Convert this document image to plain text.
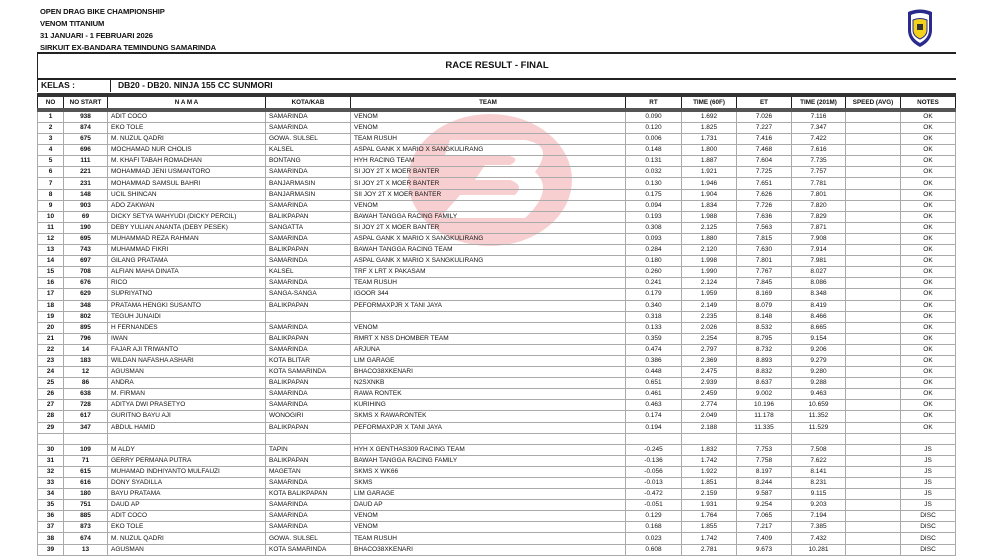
OPEN DRAG BIKE CHAMPIONSHIP
VENOM TITANIUM
31 JANUARI - 1 FEBRUARI 2026
SIRKUIT EX-BANDARA TEMINDUNG SAMARINDA
RACE RESULT - FINAL
KELAS :	DB20 - DB20. NINJA 155 CC SUNMORI
NO	NO START	N A M A	KOTA/KAB	TEAM	RT	TIME (60F)	ET	TIME (201M)	SPEED (AVG)	NOTES
1	938	ADIT COCO	SAMARINDA	VENOM	0.090	1.692	7.026	7.116		OK
2	874	EKO TOLE	SAMARINDA	VENOM	0.120	1.825	7.227	7.347		OK
3	675	M. NUZUL QADRI	GOWA. SULSEL	TEAM RUSUH	0.006	1.731	7.416	7.422		OK
4	696	MOCHAMAD NUR CHOLIS	KALSEL	ASPAL GANK X MARIO X SANGKULIRANG	0.148	1.800	7.468	7.616		OK
5	111	M. KHAFI TABAH ROMADHAN	BONTANG	HYH RACING TEAM	0.131	1.887	7.604	7.735		OK
6	221	MOHAMMAD JENI USMANTORO	SAMARINDA	SI JOY 2T X MOER BANTER	0.032	1.921	7.725	7.757		OK
7	231	MOHAMMAD SAMSUL BAHRI	BANJARMASIN	SI JOY 2T X MOER BANTER	0.130	1.946	7.651	7.781		OK
8	148	UCIL SHINCAN	BANJARMASIN	SII JOY 2T X MOER BANTER	0.175	1.904	7.626	7.801		OK
9	903	ADO ZAKWAN	SAMARINDA	VENOM	0.094	1.834	7.726	7.820		OK
10	69	DICKY SETYA WAHYUDI (DICKY PERCIL)	BALIKPAPAN	BAWAH TANGGA RACING FAMILY	0.193	1.988	7.636	7.829		OK
11	190	DEBY YULIAN ANANTA (DEBY PESEK)	SANGATTA	SI JOY 2T X MOER BANTER	0.308	2.125	7.563	7.871		OK
12	695	MUHAMMAD REZA RAHMAN	SAMARINDA	ASPAL GANK X MARIO X SANGKULIRANG	0.093	1.880	7.815	7.908		OK
13	743	MUHAMMAD FIKRI	BALIKPAPAN	BAWAH TANGGA RACING TEAM	0.284	2.120	7.630	7.914		OK
14	697	GILANG PRATAMA	SAMARINDA	ASPAL GANK X MARIO X SANGKULIRANG	0.180	1.998	7.801	7.981		OK
15	708	ALFIAN MAHA DINATA	KALSEL	TRF X LRT X PAKASAM	0.260	1.990	7.767	8.027		OK
16	676	RICO	SAMARINDA	TEAM RUSUH	0.241	2.124	7.845	8.086		OK
17	629	SUPRIYATNO	SANGA-SANGA	IGOOR 344	0.179	1.959	8.169	8.348		OK
18	348	PRATAMA HENGKI SUSANTO	BALIKPAPAN	PEFORMAXPJR X TANI JAYA	0.340	2.149	8.079	8.419		OK
19	802	TEGUH JUNAIDI			0.318	2.235	8.148	8.466		OK
20	895	H FERNANDES	SAMARINDA	VENOM	0.133	2.026	8.532	8.665		OK
21	796	IWAN	BALIKPAPAN	RMRT X NSS DHOMBER TEAM	0.359	2.254	8.795	9.154		OK
22	14	FAJAR AJI TRIWANTO	SAMARINDA	ARJUNA	0.474	2.797	8.732	9.206		OK
23	183	WILDAN NAFASHA ASHARI	KOTA BLITAR	LIM GARAGE	0.386	2.369	8.893	9.279		OK
24	12	AGUSMAN	KOTA SAMARINDA	BHACO38XKENARI	0.448	2.475	8.832	9.280		OK
25	86	ANDRA	BALIKPAPAN	N2SXNKB	0.651	2.939	8.637	9.288		OK
26	638	M. FIRMAN	SAMARINDA	RAWA RONTEK	0.461	2.459	9.002	9.463		OK
27	728	ADITYA DWI PRASETYO	SAMARINDA	KURIHING	0.463	2.774	10.196	10.659		OK
28	617	GURITNO BAYU AJI	WONOGIRI	SKMS X RAWARONTEK	0.174	2.049	11.178	11.352		OK
29	347	ABDUL HAMID	BALIKPAPAN	PEFORMAXPJR X TANI JAYA	0.194	2.188	11.335	11.529		OK

30	109	M ALDY	TAPIN	HYH X GENTHAS309 RACING TEAM	-0.245	1.832	7.753	7.508		JS
31	71	GERRY PERMANA PUTRA	BALIKPAPAN	BAWAH TANGGA RACING FAMILY	-0.136	1.742	7.758	7.622		JS
32	615	MUHAMAD INDHIYANTO MULFAUZI	MAGETAN	SKMS X WK66	-0.056	1.922	8.197	8.141		JS
33	616	DONY SYADILLA	SAMARINDA	SKMS	-0.013	1.851	8.244	8.231		JS
34	180	BAYU PRATAMA	KOTA BALIKPAPAN	LIM GARAGE	-0.472	2.159	9.587	9.115		JS
35	751	DAUD AP	SAMARINDA	DAUD AP	-0.051	1.931	9.254	9.203		JS
36	885	ADIT COCO	SAMARINDA	VENOM	0.129	1.764	7.065	7.194		DISC
37	873	EKO TOLE	SAMARINDA	VENOM	0.168	1.855	7.217	7.385		DISC
38	674	M. NUZUL QADRI	GOWA. SULSEL	TEAM RUSUH	0.023	1.742	7.409	7.432		DISC
39	13	AGUSMAN	KOTA SAMARINDA	BHACO38XKENARI	0.608	2.781	9.673	10.281		DISC
